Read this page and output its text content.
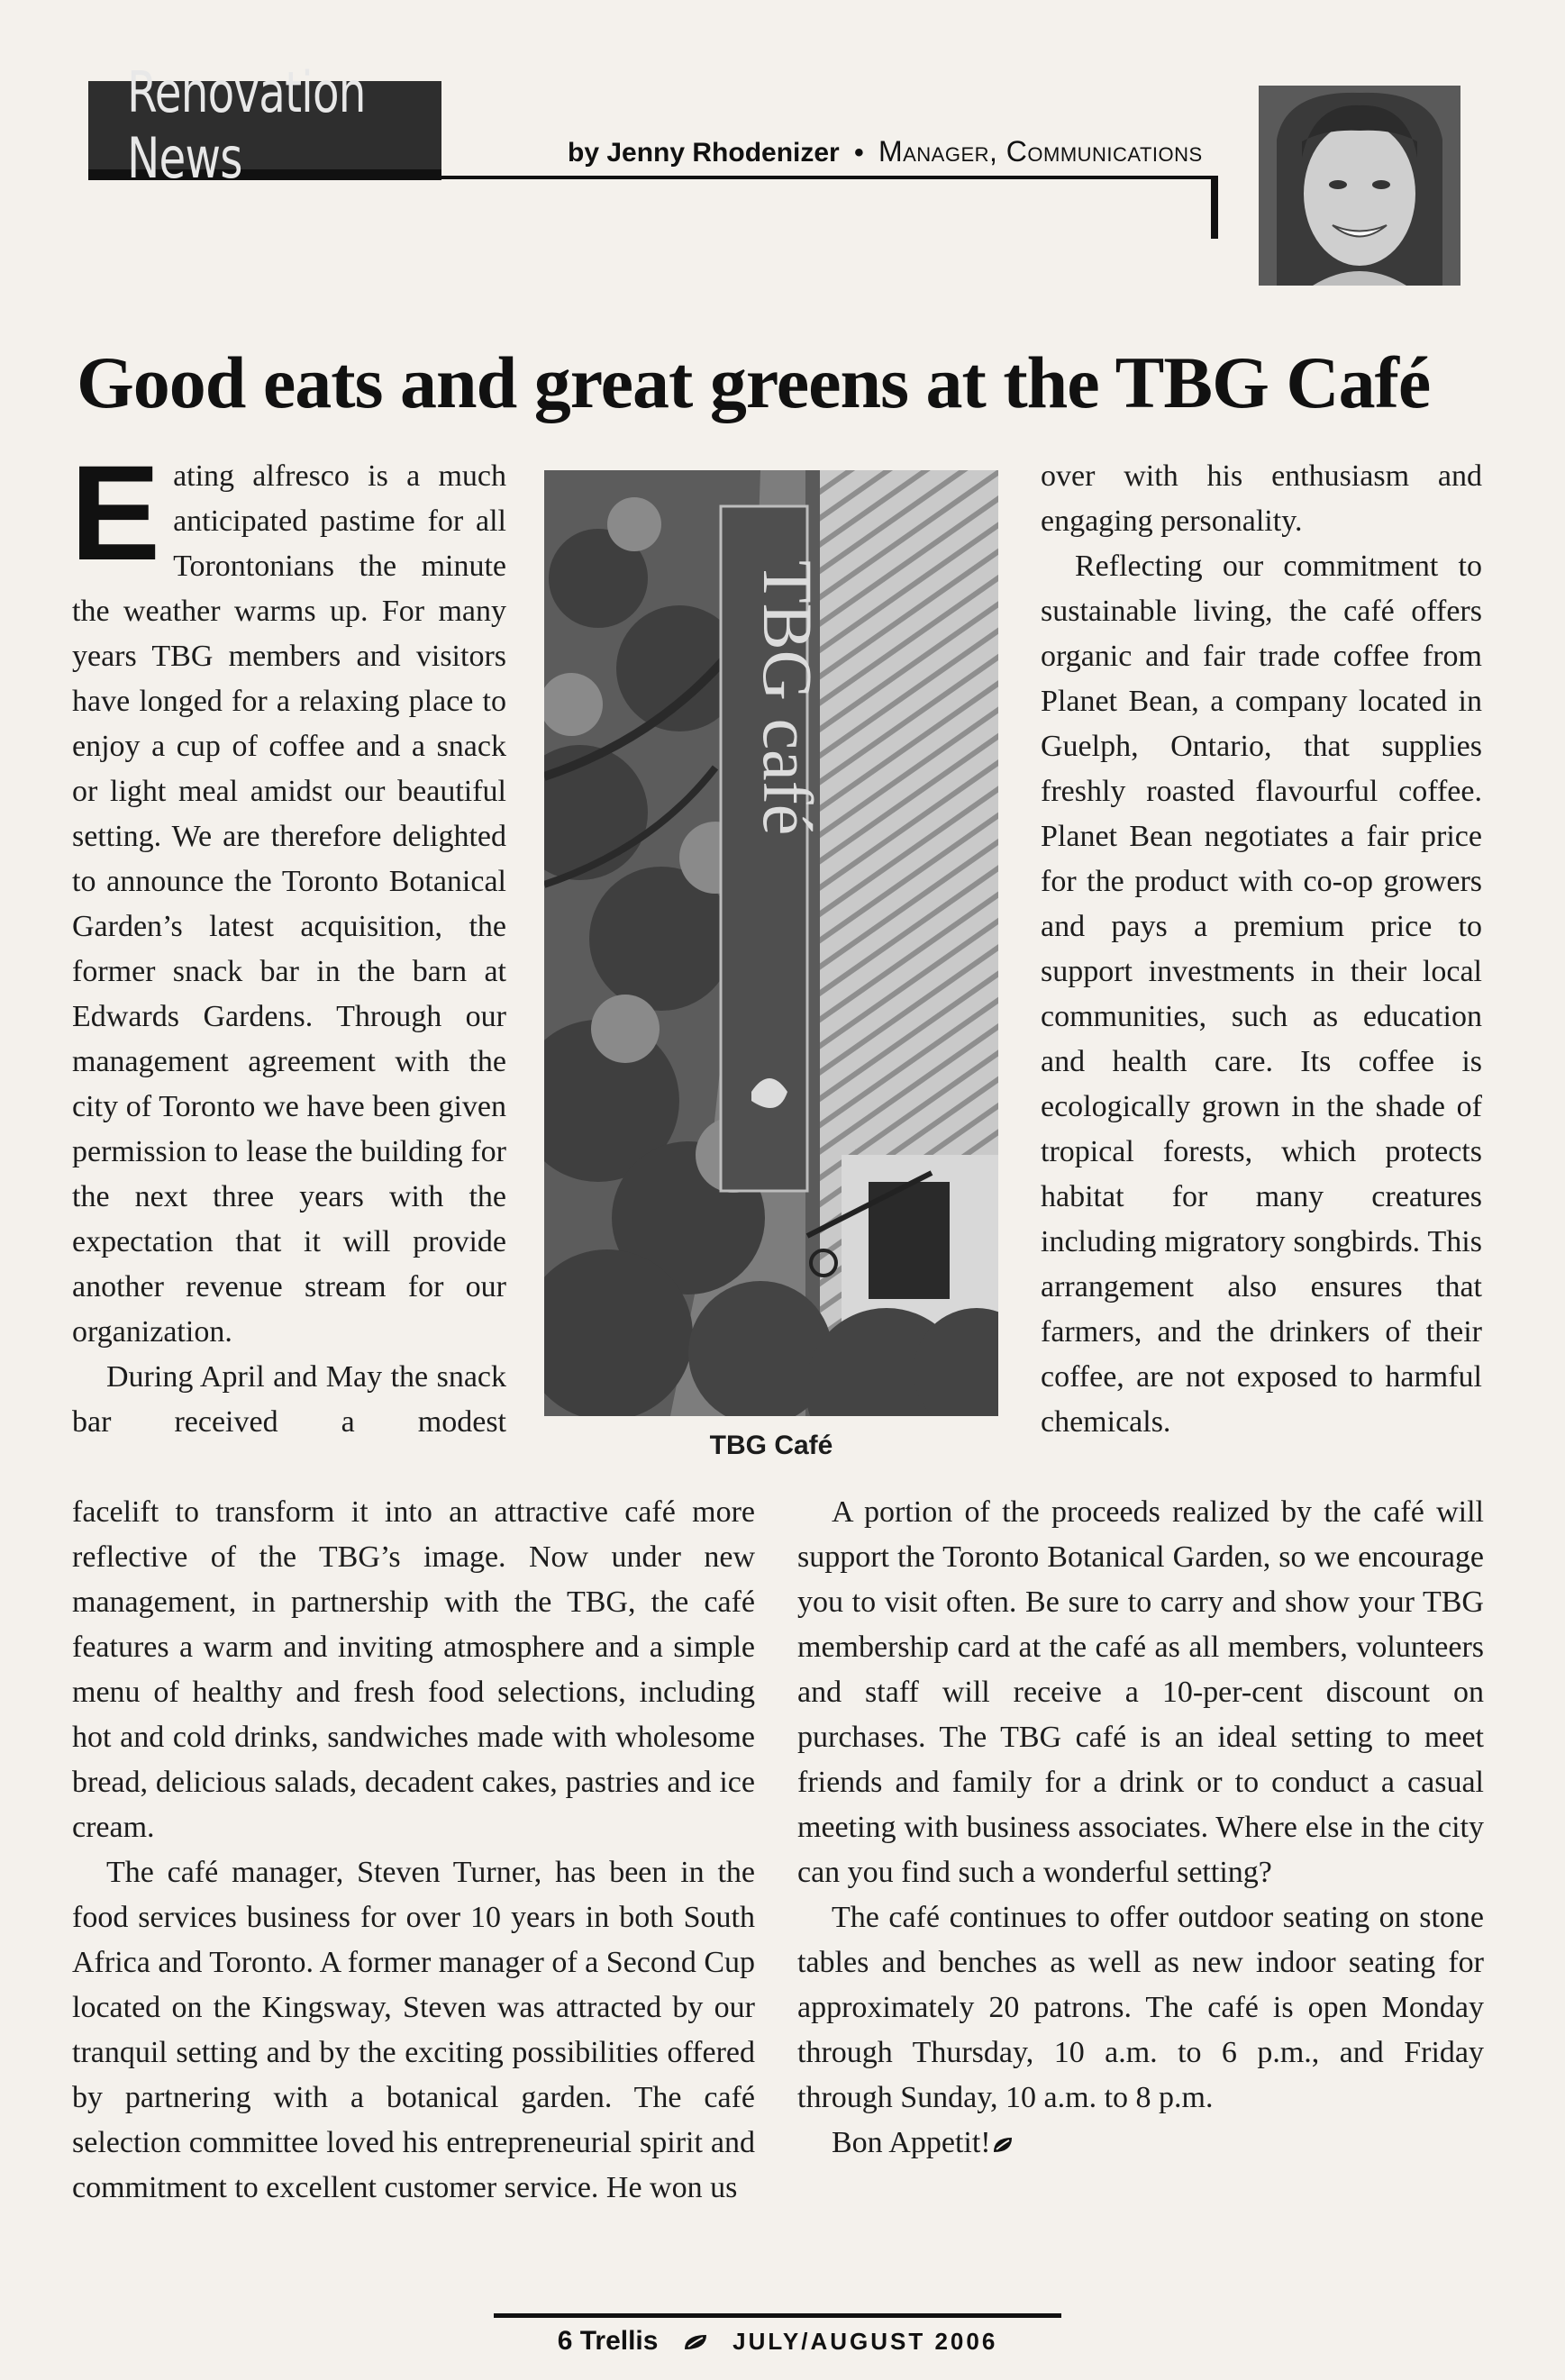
Renovation News	by Jenny Rhodenizer • Manager, Communications
Good eats and great greens at the TBG Café

Eating alfresco is a much anticipated pastime for all Torontonians the minute the weather warms up. For many years TBG members and visitors have longed for a relaxing place to enjoy a cup of coffee and a snack or light meal amidst our beautiful setting. We are therefore delighted to announce the Toronto Botanical Garden’s latest acquisition, the former snack bar in the barn at Edwards Gardens. Through our management agreement with the city of Toronto we have been given permission to lease the building for the next three years with the expectation that it will provide another revenue stream for our organization.

During April and May the snack bar received a modest

TBG café
TBG Café

facelift to transform it into an attractive café more reflective of the TBG’s image. Now under new management, in partnership with the TBG, the café features a warm and inviting atmosphere and a simple menu of healthy and fresh food selections, including hot and cold drinks, sandwiches made with wholesome bread, delicious salads, decadent cakes, pastries and ice cream.

The café manager, Steven Turner, has been in the food services business for over 10 years in both South Africa and Toronto. A former manager of a Second Cup located on the Kingsway, Steven was attracted by our tranquil setting and by the exciting possibilities offered by partnering with a botanical garden. The café selection committee loved his entrepreneurial spirit and commitment to excellent customer service. He won us

over with his enthusiasm and engaging personality.

Reflecting our commitment to sustainable living, the café offers organic and fair trade coffee from Planet Bean, a company located in Guelph, Ontario, that supplies freshly roasted flavourful coffee. Planet Bean negotiates a fair price for the product with co-op growers and pays a premium price to support investments in their local communities, such as education and health care. Its coffee is ecologically grown in the shade of tropical forests, which protects habitat for many creatures including migratory songbirds. This arrangement also ensures that farmers, and the drinkers of their coffee, are not exposed to harmful chemicals.

A portion of the proceeds realized by the café will support the Toronto Botanical Garden, so we encourage you to visit often. Be sure to carry and show your TBG membership card at the café as all members, volunteers and staff will receive a 10-per-cent discount on purchases. The TBG café is an ideal setting to meet friends and family for a drink or to conduct a casual meeting with business associates. Where else in the city can you find such a wonderful setting?

The café continues to offer outdoor seating on stone tables and benches as well as new indoor seating for approximately 20 patrons. The café is open Monday through Thursday, 10 a.m. to 6 p.m., and Friday through Sunday, 10 a.m. to 8 p.m.

Bon Appetit!

6 Trellis	JULY/AUGUST 2006
